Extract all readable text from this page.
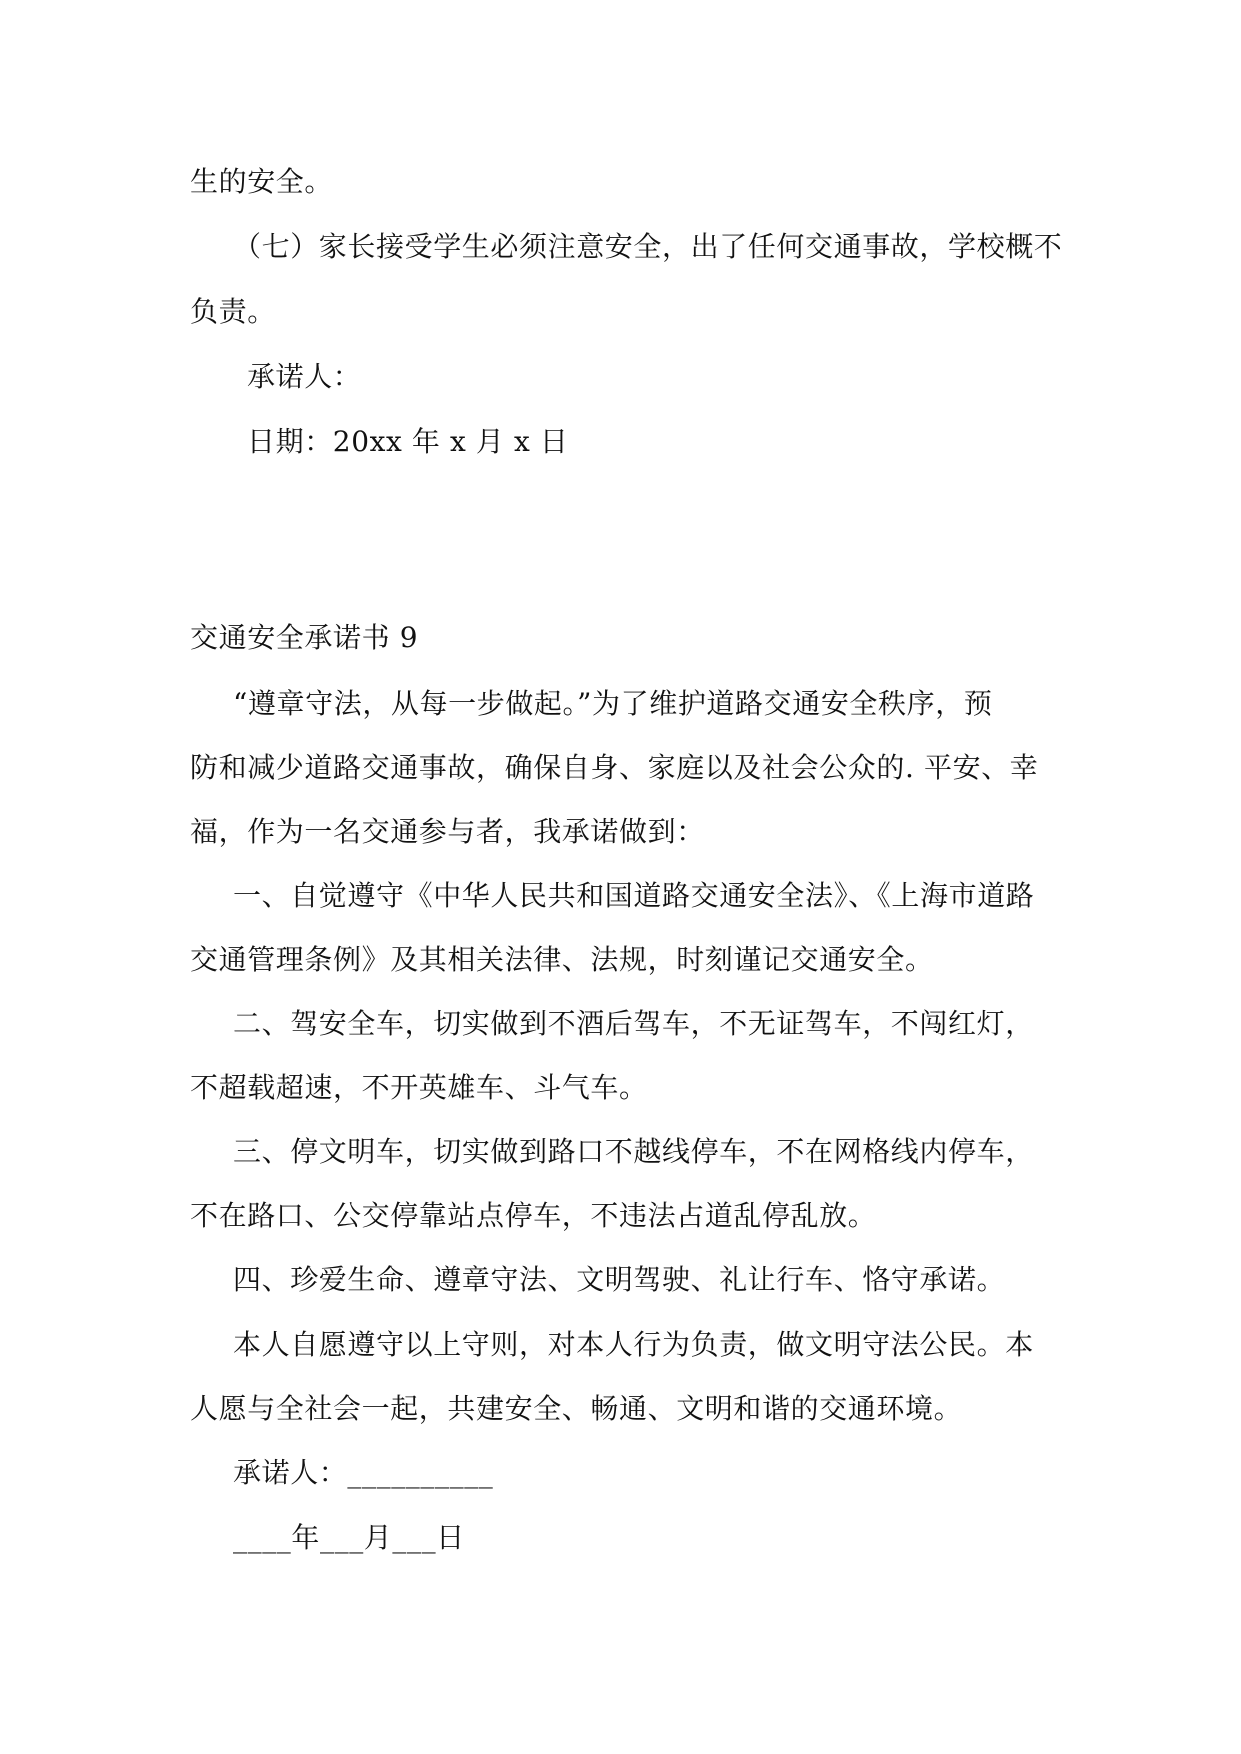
生的安全。
（七）家长接受学生必须注意安全，出了任何交通事故，学校概不
负责。
承诺人：
日期：20xx 年 x 月 x 日
交通安全承诺书 9
“遵章守法，从每一步做起。”为了维护道路交通安全秩序，预
防和减少道路交通事故，确保自身、家庭以及社会公众的. 平安、幸
福，作为一名交通参与者，我承诺做到：
一、自觉遵守《中华人民共和国道路交通安全法》、《上海市道路
交通管理条例》及其相关法律、法规，时刻谨记交通安全。
二、驾安全车，切实做到不酒后驾车，不无证驾车，不闯红灯，
不超载超速，不开英雄车、斗气车。
三、停文明车，切实做到路口不越线停车，不在网格线内停车，
不在路口、公交停靠站点停车，不违法占道乱停乱放。
四、珍爱生命、遵章守法、文明驾驶、礼让行车、恪守承诺。
本人自愿遵守以上守则，对本人行为负责，做文明守法公民。本
人愿与全社会一起，共建安全、畅通、文明和谐的交通环境。
承诺人：__________
____年___月___日
